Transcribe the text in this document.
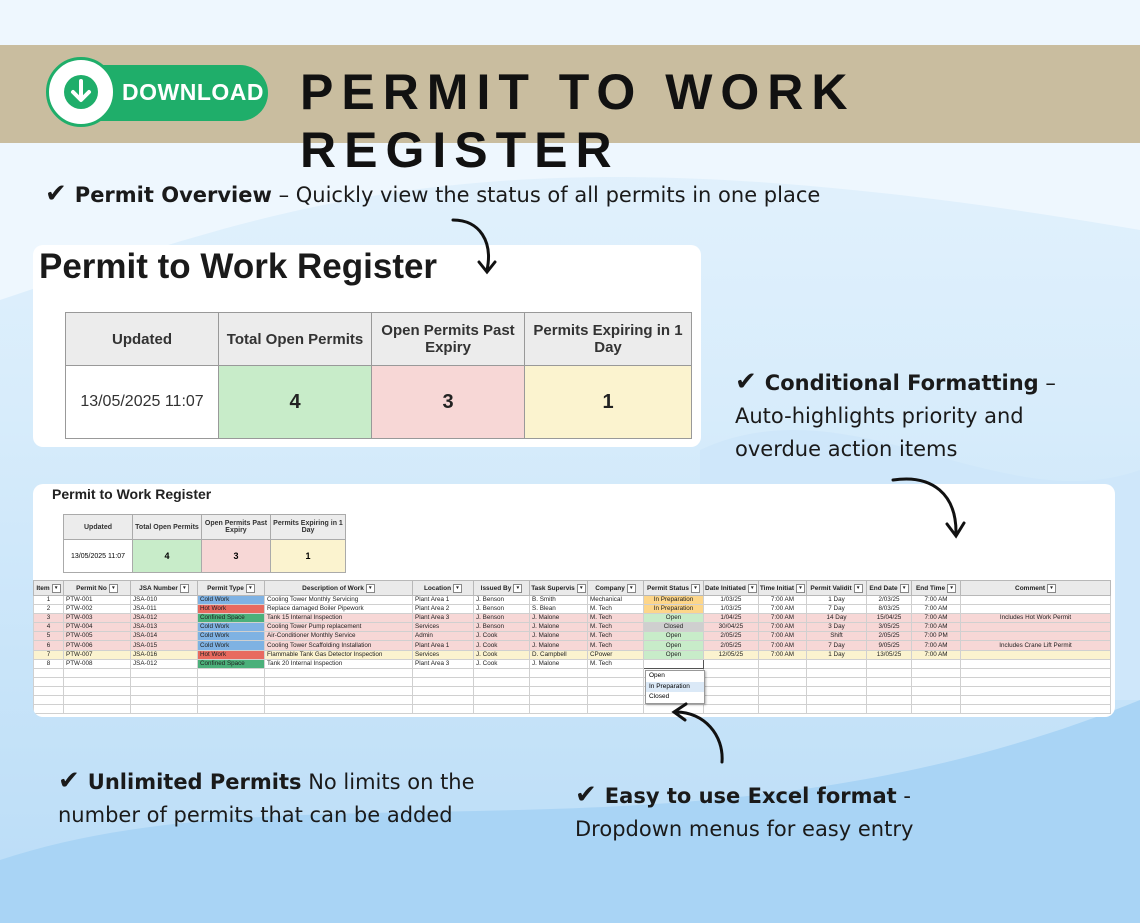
DOWNLOAD PERMIT TO WORK REGISTER
✔ Permit Overview – Quickly view the status of all permits in one place
Permit to Work Register
Updated	Total Open Permits	Open Permits Past Expiry	Permits Expiring in 1 Day
13/05/2025 11:07	4	3	1
✔ Conditional Formatting –
Auto-highlights priority and
overdue action items
Permit to Work Register
Updated	Total Open Permits	Open Permits Past Expiry	Permits Expiring in 1 Day
13/05/2025 11:07	4	3	1
Item ▾	Permit No ▾	JSA Number ▾	Permit Type ▾	Description of Work ▾	Location ▾	Issued By ▾	Task Supervis ▾	Company ▾	Permit Status ▾	Date Initiated ▾	Time Initiat ▾	Permit Validit ▾	End Date ▾	End Time ▾	Comment ▾
1	PTW-001	JSA-010	Cold Work	Cooling Tower Monthly Servicing	Plant Area 1	J. Benson	B. Smith	Mechanical	In Preparation	1/03/25	7:00 AM	1 Day	2/03/25	7:00 AM	
2	PTW-002	JSA-011	Hot Work	Replace damaged Boiler Pipework	Plant Area 2	J. Benson	S. Blean	M. Tech	In Preparation	1/03/25	7:00 AM	7 Day	8/03/25	7:00 AM	
3	PTW-003	JSA-012	Confined Space	Tank 15 Internal Inspection	Plant Area 3	J. Benson	J. Malone	M. Tech	Open	1/04/25	7:00 AM	14 Day	15/04/25	7:00 AM	Includes Hot Work Permit
4	PTW-004	JSA-013	Cold Work	Cooling Tower Pump replacement	Services	J. Benson	J. Malone	M. Tech	Closed	30/04/25	7:00 AM	3 Day	3/05/25	7:00 AM	
5	PTW-005	JSA-014	Cold Work	Air-Conditioner Monthly Service	Admin	J. Cook	J. Malone	M. Tech	Open	2/05/25	7:00 AM	Shift	2/05/25	7:00 PM	
6	PTW-006	JSA-015	Cold Work	Cooling Tower Scaffolding Installation	Plant Area 1	J. Cook	J. Malone	M. Tech	Open	2/05/25	7:00 AM	7 Day	9/05/25	7:00 AM	Includes Crane Lift Permit
7	PTW-007	JSA-016	Hot Work	Flammable Tank Gas Detector Inspection	Services	J. Cook	D. Campbell	CPower	Open	12/05/25	7:00 AM	1 Day	13/05/25	7:00 AM	
8	PTW-008	JSA-012	Confined Space	Tank 20 Internal Inspection	Plant Area 3	J. Cook	J. Malone	M. Tech							

Open
In Preparation
Closed
✔ Unlimited Permits No limits on the
number of permits that can be added
✔ Easy to use Excel format -
Dropdown menus for easy entry
